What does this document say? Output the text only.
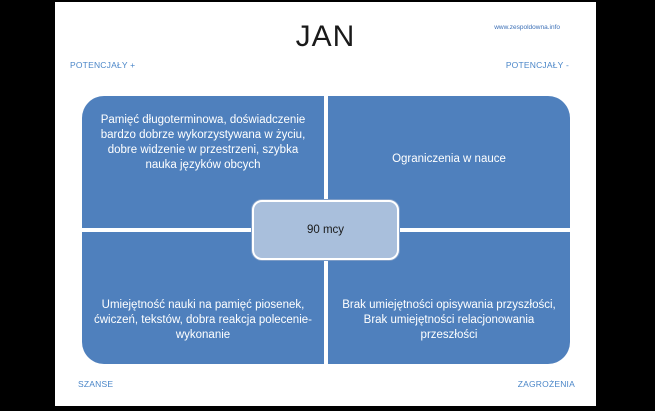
JAN	www.zespoldowna.info
POTENCJAŁY +	POTENCJAŁY -
SZANSE	ZAGROŻENIA
Pamięć długoterminowa, doświadczenie bardzo dobrze wykorzystywana w życiu, dobre widzenie w przestrzeni, szybka nauka języków obcych
Ograniczenia w nauce
Umiejętność nauki na pamięć piosenek, ćwiczeń, tekstów, dobra reakcja polecenie-wykonanie
Brak umiejętności opisywania przyszłości, Brak umiejętności relacjonowania przeszłości
90 mcy
